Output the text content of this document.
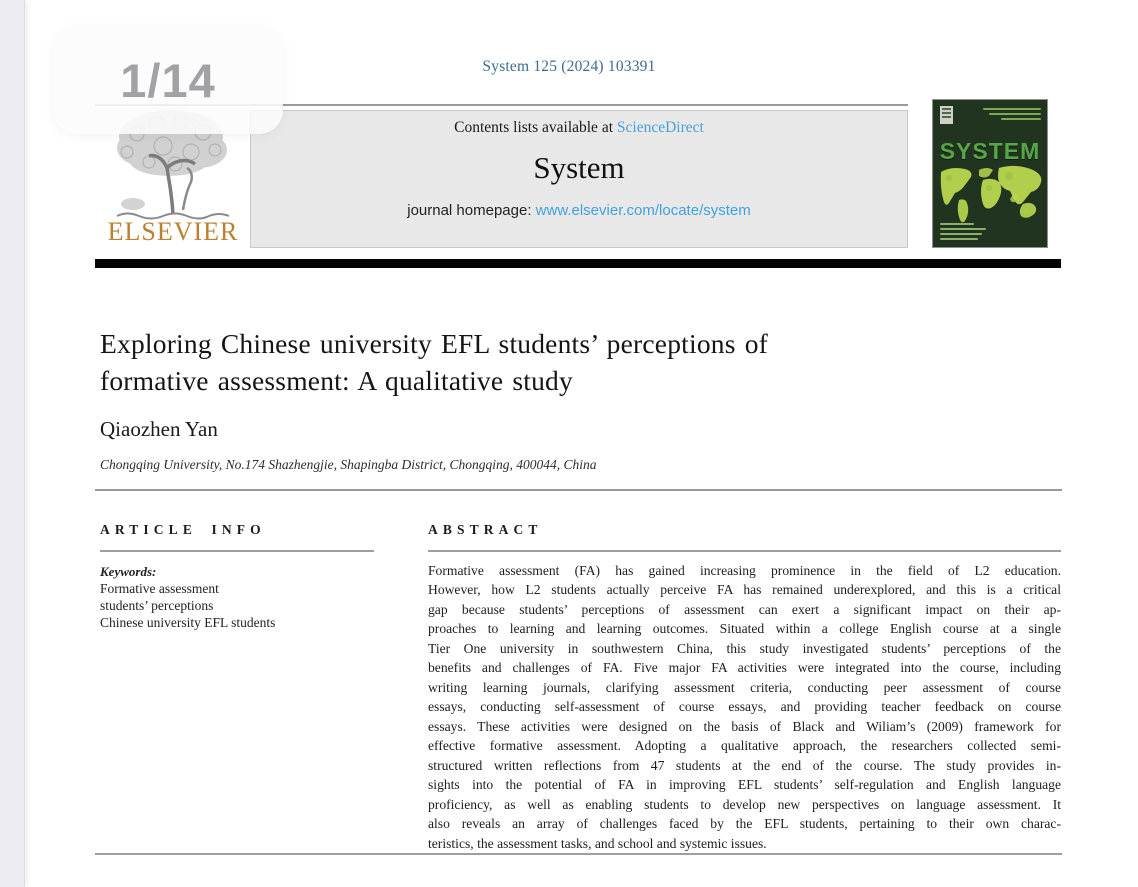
System 125 (2024) 103391
ELSEVIER
Contents lists available at ScienceDirect
System
journal homepage: www.elsevier.com/locate/system
SYSTEM
Exploring Chinese university EFL students’ perceptions of
formative assessment: A qualitative study
Qiaozhen Yan
Chongqing University, No.174 Shazhengjie, Shapingba District, Chongqing, 400044, China
ARTICLE INFO
Keywords:
Formative assessment
students’ perceptions
Chinese university EFL students
ABSTRACT
Formative assessment (FA) has gained increasing prominence in the field of L2 education.
However, how L2 students actually perceive FA has remained underexplored, and this is a critical
gap because students’ perceptions of assessment can exert a significant impact on their ap-
proaches to learning and learning outcomes. Situated within a college English course at a single
Tier One university in southwestern China, this study investigated students’ perceptions of the
benefits and challenges of FA. Five major FA activities were integrated into the course, including
writing learning journals, clarifying assessment criteria, conducting peer assessment of course
essays, conducting self-assessment of course essays, and providing teacher feedback on course
essays. These activities were designed on the basis of Black and Wiliam’s (2009) framework for
effective formative assessment. Adopting a qualitative approach, the researchers collected semi-
structured written reflections from 47 students at the end of the course. The study provides in-
sights into the potential of FA in improving EFL students’ self-regulation and English language
proficiency, as well as enabling students to develop new perspectives on language assessment. It
also reveals an array of challenges faced by the EFL students, pertaining to their own charac-
teristics, the assessment tasks, and school and systemic issues.
1/14
